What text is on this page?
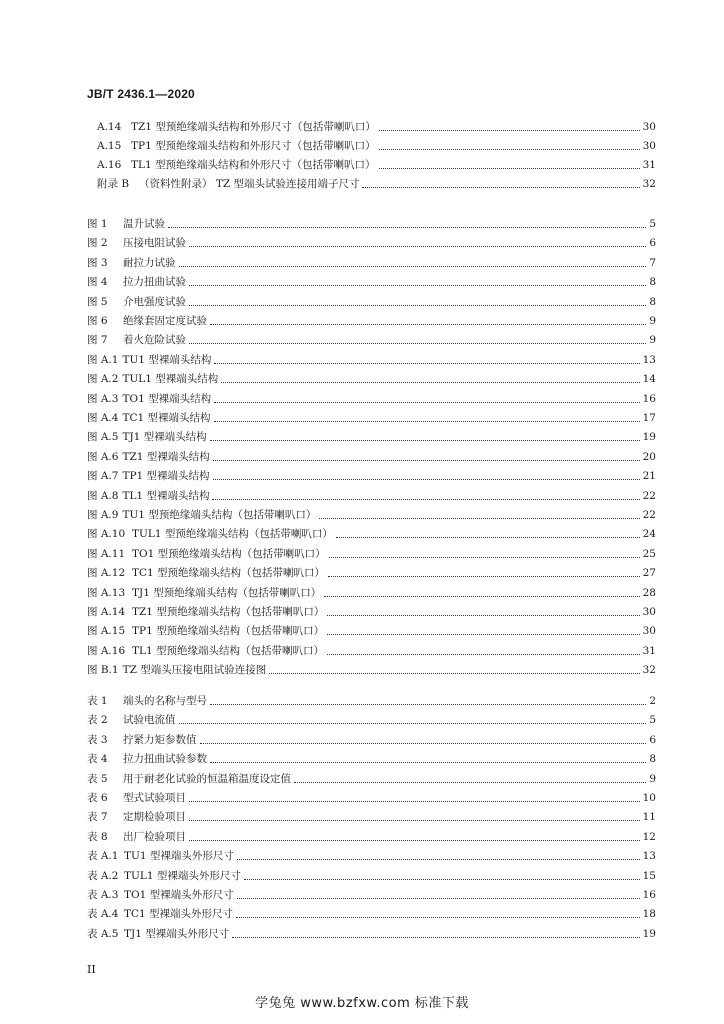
JB/T 2436.1—2020
A.14 TZ1 型预绝缘端头结构和外形尺寸（包括带喇叭口）	30
A.15 TP1 型预绝缘端头结构和外形尺寸（包括带喇叭口）	30
A.16 TL1 型预绝缘端头结构和外形尺寸（包括带喇叭口）	31
附录 B （资料性附录） TZ 型端头试验连接用端子尺寸	32
图 1	温升试验	5
图 2	压接电阻试验	6
图 3	耐拉力试验	7
图 4	拉力扭曲试验	8
图 5	介电强度试验	8
图 6	绝缘套固定度试验	9
图 7	着火危险试验	9
图 A.1 TU1 型裸端头结构	13
图 A.2 TUL1 型裸端头结构	14
图 A.3 TO1 型裸端头结构	16
图 A.4 TC1 型裸端头结构	17
图 A.5 TJ1 型裸端头结构	19
图 A.6 TZ1 型裸端头结构	20
图 A.7 TP1 型裸端头结构	21
图 A.8 TL1 型裸端头结构	22
图 A.9 TU1 型预绝缘端头结构（包括带喇叭口）	22
图 A.10 TUL1 型预绝缘端头结构（包括带喇叭口）	24
图 A.11 TO1 型预绝缘端头结构（包括带喇叭口）	25
图 A.12 TC1 型预绝缘端头结构（包括带喇叭口）	27
图 A.13 TJ1 型预绝缘端头结构（包括带喇叭口）	28
图 A.14 TZ1 型预绝缘端头结构（包括带喇叭口）	30
图 A.15 TP1 型预绝缘端头结构（包括带喇叭口）	30
图 A.16 TL1 型预绝缘端头结构（包括带喇叭口）	31
图 B.1 TZ 型端头压接电阻试验连接图	32
表 1	端头的名称与型号	2
表 2	试验电流值	5
表 3	拧紧力矩参数值	6
表 4	拉力扭曲试验参数	8
表 5	用于耐老化试验的恒温箱温度设定值	9
表 6	型式试验项目	10
表 7	定期检验项目	11
表 8	出厂检验项目	12
表 A.1 TU1 型裸端头外形尺寸	13
表 A.2 TUL1 型裸端头外形尺寸	15
表 A.3 TO1 型裸端头外形尺寸	16
表 A.4 TC1 型裸端头外形尺寸	18
表 A.5 TJ1 型裸端头外形尺寸	19
II
学兔兔 www.bzfxw.com 标准下载
